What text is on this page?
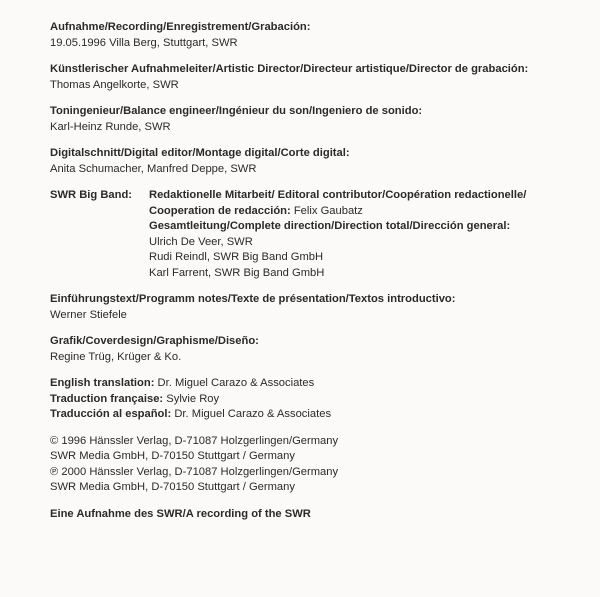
Aufnahme/Recording/Enregistrement/Grabación:
19.05.1996 Villa Berg, Stuttgart, SWR
Künstlerischer Aufnahmeleiter/Artistic Director/Directeur artistique/Director de grabación:
Thomas Angelkorte, SWR
Toningenieur/Balance engineer/Ingénieur du son/Ingeniero de sonido:
Karl-Heinz Runde, SWR
Digitalschnitt/Digital editor/Montage digital/Corte digital:
Anita Schumacher, Manfred Deppe, SWR
SWR Big Band:	Redaktionelle Mitarbeit/ Editoral contributor/Coopération redactionelle/
Cooperation de redacción: Felix Gaubatz
Gesamtleitung/Complete direction/Direction total/Dirección general:
Ulrich De Veer, SWR
Rudi Reindl, SWR Big Band GmbH
Karl Farrent, SWR Big Band GmbH
Einführungstext/Programm notes/Texte de présentation/Textos introductivo:
Werner Stiefele
Grafik/Coverdesign/Graphisme/Diseño:
Regine Trüg, Krüger & Ko.
English translation: Dr. Miguel Carazo & Associates
Traduction française: Sylvie Roy
Traducción al español: Dr. Miguel Carazo & Associates
© 1996 Hänssler Verlag, D-71087 Holzgerlingen/Germany
SWR Media GmbH, D-70150 Stuttgart / Germany
℗ 2000 Hänssler Verlag, D-71087 Holzgerlingen/Germany
SWR Media GmbH, D-70150 Stuttgart / Germany
Eine Aufnahme des SWR/A recording of the SWR
